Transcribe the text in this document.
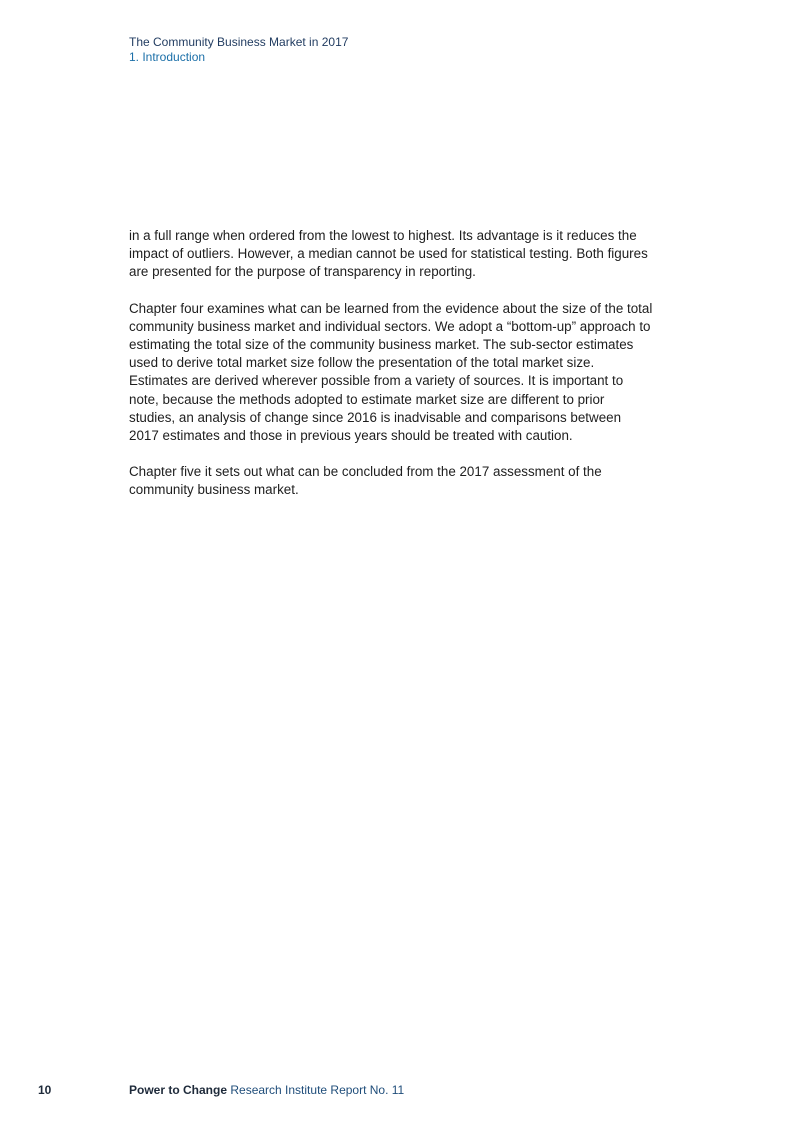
The Community Business Market in 2017
1. Introduction

in a full range when ordered from the lowest to highest. Its advantage is it reduces the impact of outliers. However, a median cannot be used for statistical testing. Both figures are presented for the purpose of transparency in reporting.

Chapter four examines what can be learned from the evidence about the size of the total community business market and individual sectors. We adopt a “bottom-up” approach to estimating the total size of the community business market. The sub-sector estimates used to derive total market size follow the presentation of the total market size. Estimates are derived wherever possible from a variety of sources. It is important to note, because the methods adopted to estimate market size are different to prior studies, an analysis of change since 2016 is inadvisable and comparisons between 2017 estimates and those in previous years should be treated with caution.

Chapter five it sets out what can be concluded from the 2017 assessment of the community business market.

10	Power to Change Research Institute Report No. 11
